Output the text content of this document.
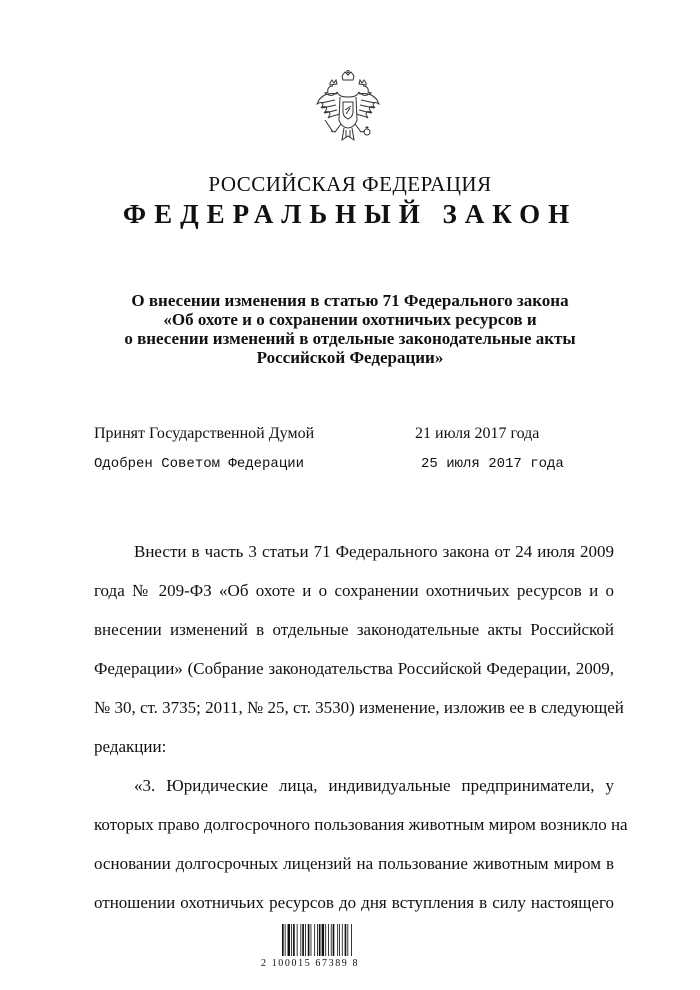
РОССИЙСКАЯ ФЕДЕРАЦИЯ
ФЕДЕРАЛЬНЫЙ ЗАКОН
О внесении изменения в статью 71 Федерального закона
«Об охоте и о сохранении охотничьих ресурсов и
о внесении изменений в отдельные законодательные акты
Российской Федерации»
Принят Государственной Думой	21 июля 2017 года
Одобрен Советом Федерации	25 июля 2017 года
Внести в часть 3 статьи 71 Федерального закона от 24 июля 2009
года № 209-ФЗ «Об охоте и о сохранении охотничьих ресурсов и о
внесении изменений в отдельные законодательные акты Российской
Федерации» (Собрание законодательства Российской Федерации, 2009,
№ 30, ст. 3735; 2011, № 25, ст. 3530) изменение, изложив ее в следующей
редакции:
«3. Юридические лица, индивидуальные предприниматели, у
которых право долгосрочного пользования животным миром возникло на
основании долгосрочных лицензий на пользование животным миром в
отношении охотничьих ресурсов до дня вступления в силу настоящего
2 100015 67389 8
